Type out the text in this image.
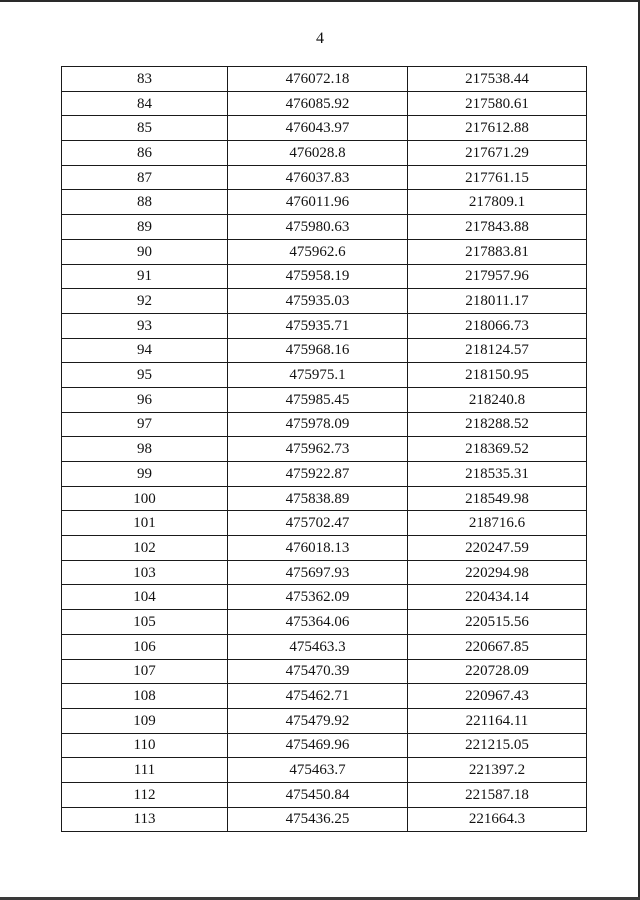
4
83	476072.18	217538.44
84	476085.92	217580.61
85	476043.97	217612.88
86	476028.8	217671.29
87	476037.83	217761.15
88	476011.96	217809.1
89	475980.63	217843.88
90	475962.6	217883.81
91	475958.19	217957.96
92	475935.03	218011.17
93	475935.71	218066.73
94	475968.16	218124.57
95	475975.1	218150.95
96	475985.45	218240.8
97	475978.09	218288.52
98	475962.73	218369.52
99	475922.87	218535.31
100	475838.89	218549.98
101	475702.47	218716.6
102	476018.13	220247.59
103	475697.93	220294.98
104	475362.09	220434.14
105	475364.06	220515.56
106	475463.3	220667.85
107	475470.39	220728.09
108	475462.71	220967.43
109	475479.92	221164.11
110	475469.96	221215.05
111	475463.7	221397.2
112	475450.84	221587.18
113	475436.25	221664.3
